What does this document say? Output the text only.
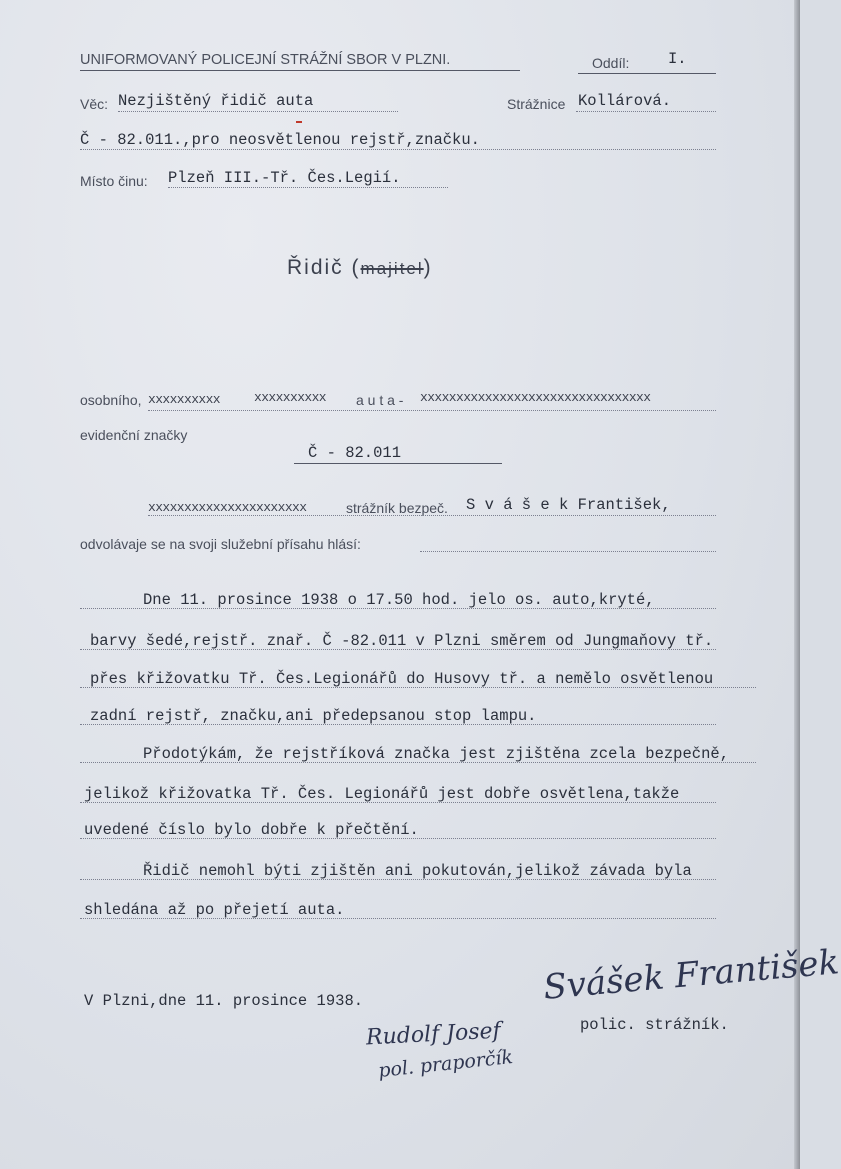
UNIFORMOVANÝ POLICEJNÍ STRÁŽNÍ SBOR V PLZNI.	Oddíl: I.
Věc: Nezjištěný řidič auta	Strážnice Kollárová.
Č - 82.011.,pro neosvětlenou rejstř,značku.
Místo činu: Plzeň III.-Tř. Čes.Legií.
Řidič (majitel)
osobního, xxxxxxxxxx	xxxxxxxxxx a u t a - xxxxxxxxxxxxxxxxxxxxxxxxxxxxxxxx
evidenční značky
Č - 82.011
xxxxxxxxxxxxxxxxxxxxxx	strážník bezpeč. S v á š e k František,
odvolávaje se na svoji služební přísahu hlásí:
Dne 11. prosince 1938 o 17.50 hod. jelo os. auto,kryté,
barvy šedé,rejstř. znař. Č -82.011 v Plzni směrem od Jungmaňovy tř.
přes křižovatku Tř. Čes.Legionářů do Husovy tř. a nemělo osvětlenou
zadní rejstř, značku,ani předepsanou stop lampu.
Přodotýkám, že rejstříková značka jest zjištěna zcela bezpečně,
jelikož křižovatka Tř. Čes. Legionářů jest dobře osvětlena,takže
uvedené číslo bylo dobře k přečtění.
Řidič nemohl býti zjištěn ani pokutován,jelikož závada byla
shledána až po přejetí auta.
V Plzni,dne 11. prosince 1938.	Svášek František
polic. strážník.
Rudolf Josef
pol. praporčík
